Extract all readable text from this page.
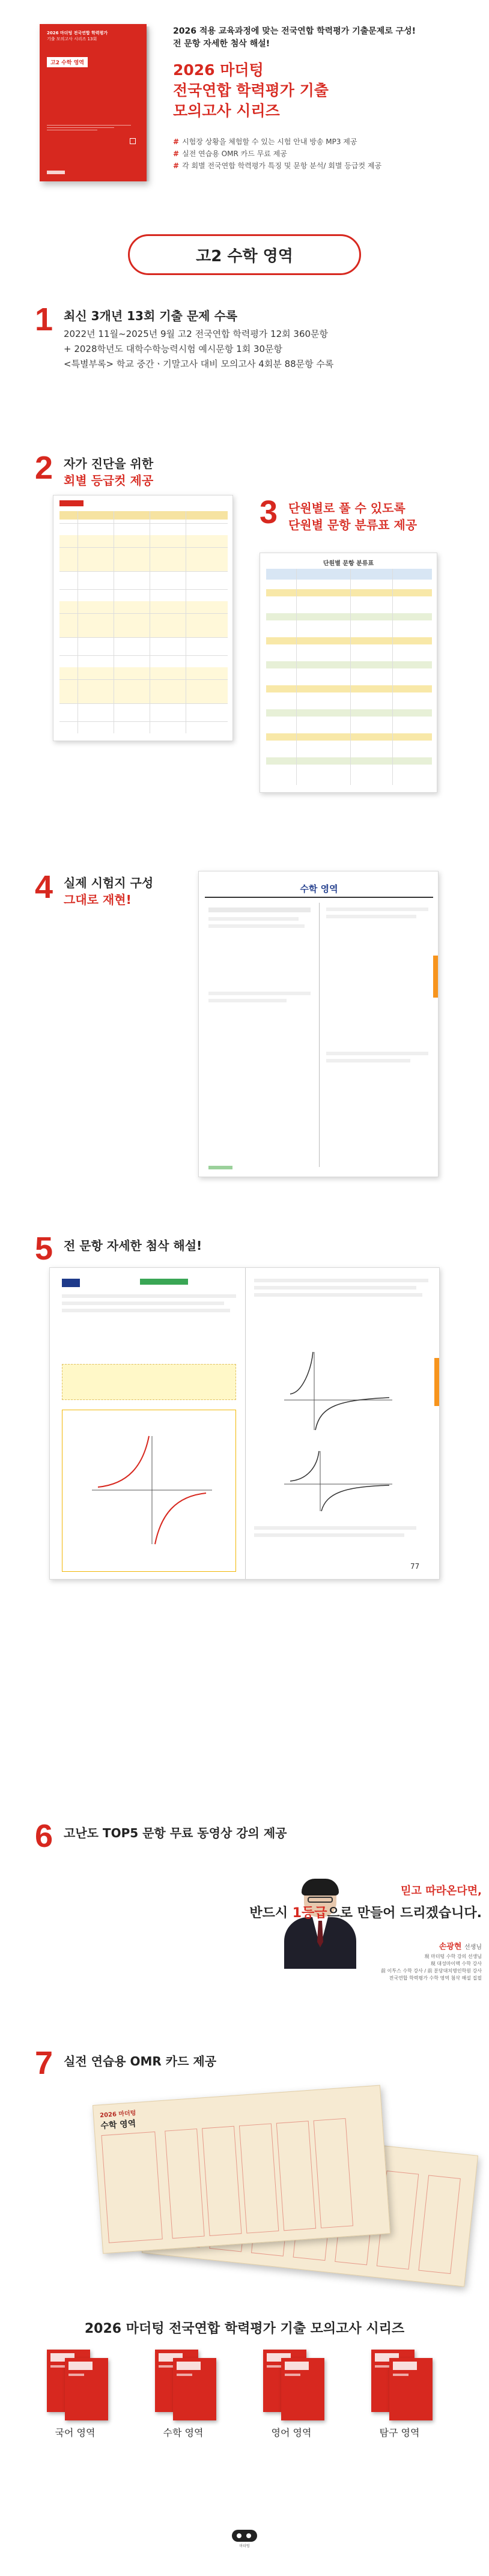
2026 마더텅 전국연합 학력평가
기출 모의고사 시리즈 13회
고2 수학 영역
2026 적용 교육과정에 맞는 전국연합 학력평가 기출문제로 구성!
전 문항 자세한 첨삭 해설!
2026 마더텅
전국연합 학력평가 기출
모의고사 시리즈
# 시험장 상황을 체험할 수 있는 시험 안내 방송 MP3 제공
# 실전 연습용 OMR 카드 무료 제공
# 각 회별 전국연합 학력평가 특징 및 문항 분석/ 회별 등급컷 제공
고2 수학 영역
1 최신 3개년 13회 기출 문제 수록
2022년 11월~2025년 9월 고2 전국연합 학력평가 12회 360문항
+ 2028학년도 대학수학능력시험 예시문항 1회 30문항
<특별부록> 학교 중간ㆍ기말고사 대비 모의고사 4회분 88문항 수록
2 자가 진단을 위한
회별 등급컷 제공
3 단원별로 풀 수 있도록
단원별 문항 분류표 제공
단원별 문항 분류표
4 실제 시험지 구성
그대로 재현!
수학 영역
5 전 문항 자세한 첨삭 해설!
77
6 고난도 TOP5 문항 무료 동영상 강의 제공
믿고 따라온다면,
반드시 1등급으로 만들어 드리겠습니다.
손광현 선생님
現 마더텅 수학 강의 선생님
現 대성마이맥 수학 강사
前 이투스 수학 강사 / 前 분당대치명인학원 강사
전국연합 학력평가 수학 영역 첨삭 해설 집필
7 실전 연습용 OMR 카드 제공
2026 마더텅
수학 영역
2026 마더텅 전국연합 학력평가 기출 모의고사 시리즈
국어 영역	수학 영역	영어 영역	탐구 영역
마더텅
